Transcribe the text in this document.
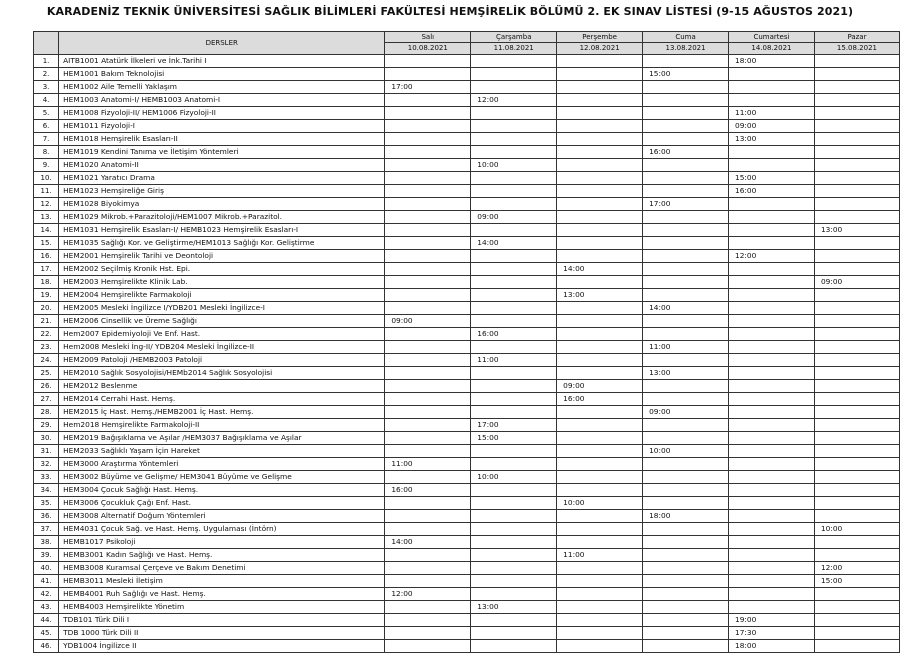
KARADENİZ TEKNİK ÜNİVERSİTESİ SAĞLIK BİLİMLERİ FAKÜLTESİ HEMŞİRELİK BÖLÜMÜ 2. EK SINAV LİSTESİ (9-15 AĞUSTOS 2021)
	DERSLER	Salı	Çarşamba	Perşembe	Cuma	Cumartesi	Pazar
		10.08.2021	11.08.2021	12.08.2021	13.08.2021	14.08.2021	15.08.2021
1.	AITB1001 Atatürk İlkeleri ve İnk.Tarihi I					18:00	
2.	HEM1001 Bakım Teknolojisi				15:00		
3.	HEM1002 Aile Temelli Yaklaşım	17:00					
4.	HEM1003 Anatomi-I/ HEMB1003 Anatomi-I		12:00				
5.	HEM1008 Fizyoloji-II/ HEM1006 Fizyoloji-II					11:00	
6.	HEM1011 Fizyoloji-I					09:00	
7.	HEM1018 Hemşirelik Esasları-II					13:00	
8.	HEM1019 Kendini Tanıma ve İletişim Yöntemleri				16:00		
9.	HEM1020 Anatomi-II		10:00				
10.	HEM1021 Yaratıcı Drama					15:00	
11.	HEM1023 Hemşireliğe Giriş					16:00	
12.	HEM1028 Biyokimya				17:00		
13.	HEM1029 Mikrob.+Parazitoloji/HEM1007 Mikrob.+Parazitol.		09:00				
14.	HEM1031 Hemşirelik Esasları-I/ HEMB1023 Hemşirelik Esasları-I						13:00
15.	HEM1035 Sağlığı Kor. ve Geliştirme/HEM1013 Sağlığı Kor. Geliştirme		14:00				
16.	HEM2001 Hemşirelik Tarihi ve Deontoloji					12:00	
17.	HEM2002 Seçilmiş Kronik Hst. Epi.			14:00			
18.	HEM2003 Hemşirelikte Klinik Lab.						09:00
19.	HEM2004 Hemşirelikte Farmakoloji			13:00			
20.	HEM2005 Mesleki İngilizce I/YDB201 Mesleki İngilizce-I				14:00		
21.	HEM2006 Cinsellik ve Üreme Sağlığı	09:00					
22.	Hem2007 Epidemiyoloji Ve Enf. Hast.		16:00				
23.	Hem2008 Mesleki İng-II/ YDB204 Mesleki İngilizce-II				11:00		
24.	HEM2009 Patoloji /HEMB2003 Patoloji		11:00				
25.	HEM2010 Sağlık Sosyolojisi/HEMb2014 Sağlık Sosyolojisi				13:00		
26.	HEM2012 Beslenme			09:00			
27.	HEM2014 Cerrahi Hast. Hemş.			16:00			
28.	HEM2015 İç Hast. Hemş./HEMB2001 İç Hast. Hemş.				09:00		
29.	Hem2018 Hemşirelikte Farmakoloji-II		17:00				
30.	HEM2019 Bağışıklama ve Aşılar /HEM3037 Bağışıklama ve Aşılar		15:00				
31.	HEM2033 Sağlıklı Yaşam İçin Hareket				10:00		
32.	HEM3000 Araştırma Yöntemleri	11:00					
33.	HEM3002 Büyüme ve Gelişme/ HEM3041 Büyüme ve Gelişme		10:00				
34.	HEM3004 Çocuk Sağlığı Hast. Hemş.	16:00					
35.	HEM3006 Çocukluk Çağı Enf. Hast.			10:00			
36.	HEM3008 Alternatif Doğum Yöntemleri				18:00		
37.	HEM4031 Çocuk Sağ. ve Hast. Hemş. Uygulaması (İntörn)						10:00
38.	HEMB1017 Psikoloji	14:00					
39.	HEMB3001 Kadın Sağlığı ve Hast. Hemş.			11:00			
40.	HEMB3008 Kuramsal Çerçeve ve Bakım Denetimi						12:00
41.	HEMB3011 Mesleki İletişim						15:00
42.	HEMB4001 Ruh Sağlığı ve Hast. Hemş.	12:00					
43.	HEMB4003 Hemşirelikte Yönetim		13:00				
44.	TDB101 Türk Dili I					19:00	
45.	TDB 1000 Türk Dili II					17:30	
46.	YDB1004 İngilizce II					18:00	
